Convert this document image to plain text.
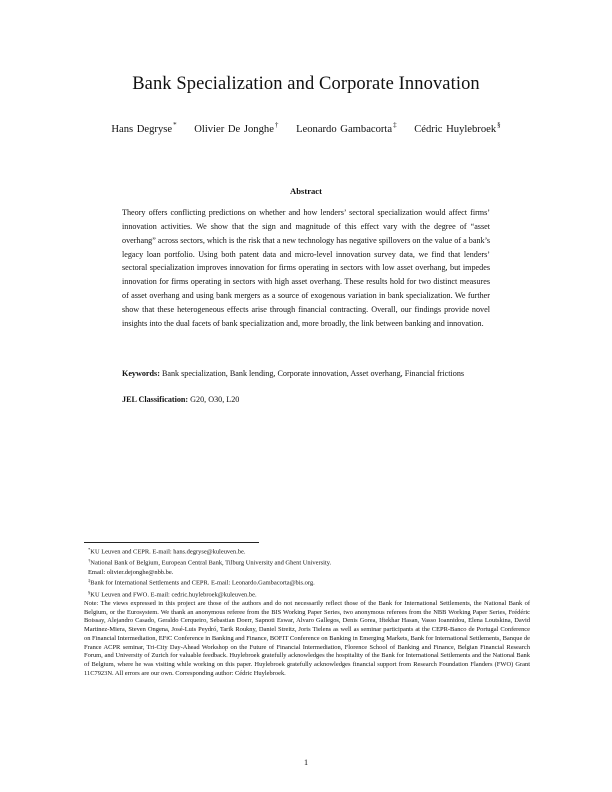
Bank Specialization and Corporate Innovation
Hans Degryse* Olivier De Jonghe† Leonardo Gambacorta‡ Cédric Huylebroek§
Abstract

Theory offers conflicting predictions on whether and how lenders’ sectoral specialization would affect firms’ innovation activities. We show that the sign and magnitude of this effect vary with the degree of “asset overhang” across sectors, which is the risk that a new technology has negative spillovers on the value of a bank’s legacy loan portfolio. Using both patent data and micro-level innovation survey data, we find that lenders’ sectoral specialization improves innovation for firms operating in sectors with low asset overhang, but impedes innovation for firms operating in sectors with high asset overhang. These results hold for two distinct measures of asset overhang and using bank mergers as a source of exogenous variation in bank specialization. We further show that these heterogeneous effects arise through financial contracting. Overall, our findings provide novel insights into the dual facets of bank specialization and, more broadly, the link between banking and innovation.

Keywords: Bank specialization, Bank lending, Corporate innovation, Asset overhang, Financial frictions

JEL Classification: G20, O30, L20

*KU Leuven and CEPR. E-mail: hans.degryse@kuleuven.be.

†National Bank of Belgium, European Central Bank, Tilburg University and Ghent University.

Email: olivier.dejonghe@nbb.be.

‡Bank for International Settlements and CEPR. E-mail: Leonardo.Gambacorta@bis.org.

§KU Leuven and FWO. E-mail: cedric.huylebroek@kuleuven.be.

Note: The views expressed in this project are those of the authors and do not necessarily reflect those of the Bank for International Settlements, the National Bank of Belgium, or the Eurosystem. We thank an anonymous referee from the BIS Working Paper Series, two anonymous referees from the NBB Working Paper Series, Frédéric Boissay, Alejandro Casado, Geraldo Cerqueiro, Sebastian Doerr, Sapnoti Eswar, Alvaro Gallegos, Denis Gorea, Iftekhar Hasan, Vasso Ioannidou, Elena Loutskina, David Martinez-Miera, Steven Ongena, José-Luis Peydró, Tarik Roukny, Daniel Streitz, Joris Tielens as well as seminar participants at the CEPR-Banco de Portugal Conference on Financial Intermediation, EFiC Conference in Banking and Finance, BOFIT Conference on Banking in Emerging Markets, Bank for International Settlements, Banque de France ACPR seminar, Tri-City Day-Ahead Workshop on the Future of Financial Intermediation, Florence School of Banking and Finance, Belgian Financial Research Forum, and University of Zurich for valuable feedback. Huylebroek gratefully acknowledges the hospitality of the Bank for International Settlements and the National Bank of Belgium, where he was visiting while working on this paper. Huylebroek gratefully acknowledges financial support from Research Foundation Flanders (FWO) Grant 11C7923N. All errors are our own. Corresponding author: Cédric Huylebroek.

1
